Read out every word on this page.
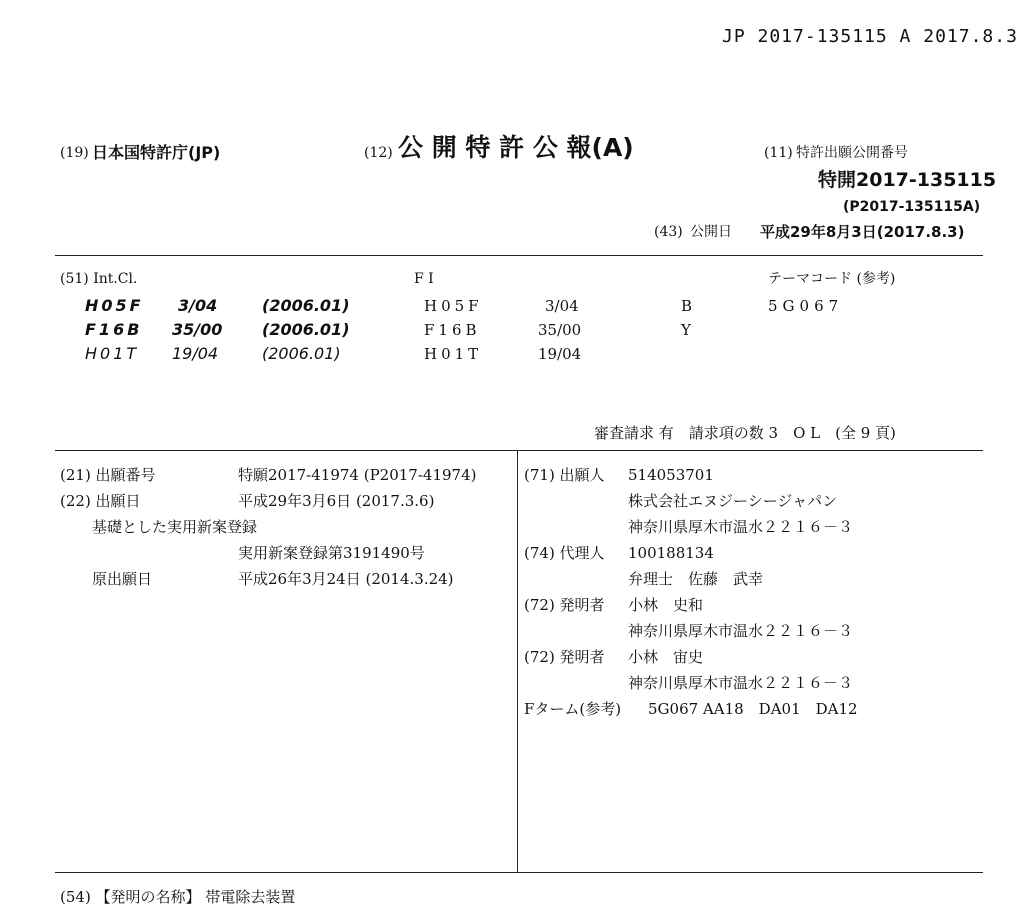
JP 2017-135115 A 2017.8.3
(19) 日本国特許庁(JP)	(12) 公 開 特 許 公 報(A)	(11) 特許出願公開番号
特開2017-135115
(P2017-135115A)
(43) 公開日 平成29年8月3日(2017.8.3)
(51) Int.Cl.	F I	テーマコード (参考)
H05F 3/04	(2006.01)	H05F	3/04	B	5G067
F16B 35/00 (2006.01)	F16B	35/00	Y
H01T 19/04	(2006.01)	H01T	19/04
審査請求 有　請求項の数 3　O L　(全 9 頁)
(21) 出願番号	特願2017-41974 (P2017-41974)
(22) 出願日	平成29年3月6日 (2017.3.6)
基礎とした実用新案登録
実用新案登録第3191490号
原出願日	平成26年3月24日 (2014.3.24)
(71) 出願人 514053701
株式会社エヌジーシージャパン
神奈川県厚木市温水２２１６－３
(74) 代理人 100188134
弁理士　佐藤　武幸
(72) 発明者 小林　史和
神奈川県厚木市温水２２１６－３
(72) 発明者 小林　宙史
神奈川県厚木市温水２２１６－３
Fターム(参考) 5G067 AA18　DA01　DA12
(54) 【発明の名称】 帯電除去装置
